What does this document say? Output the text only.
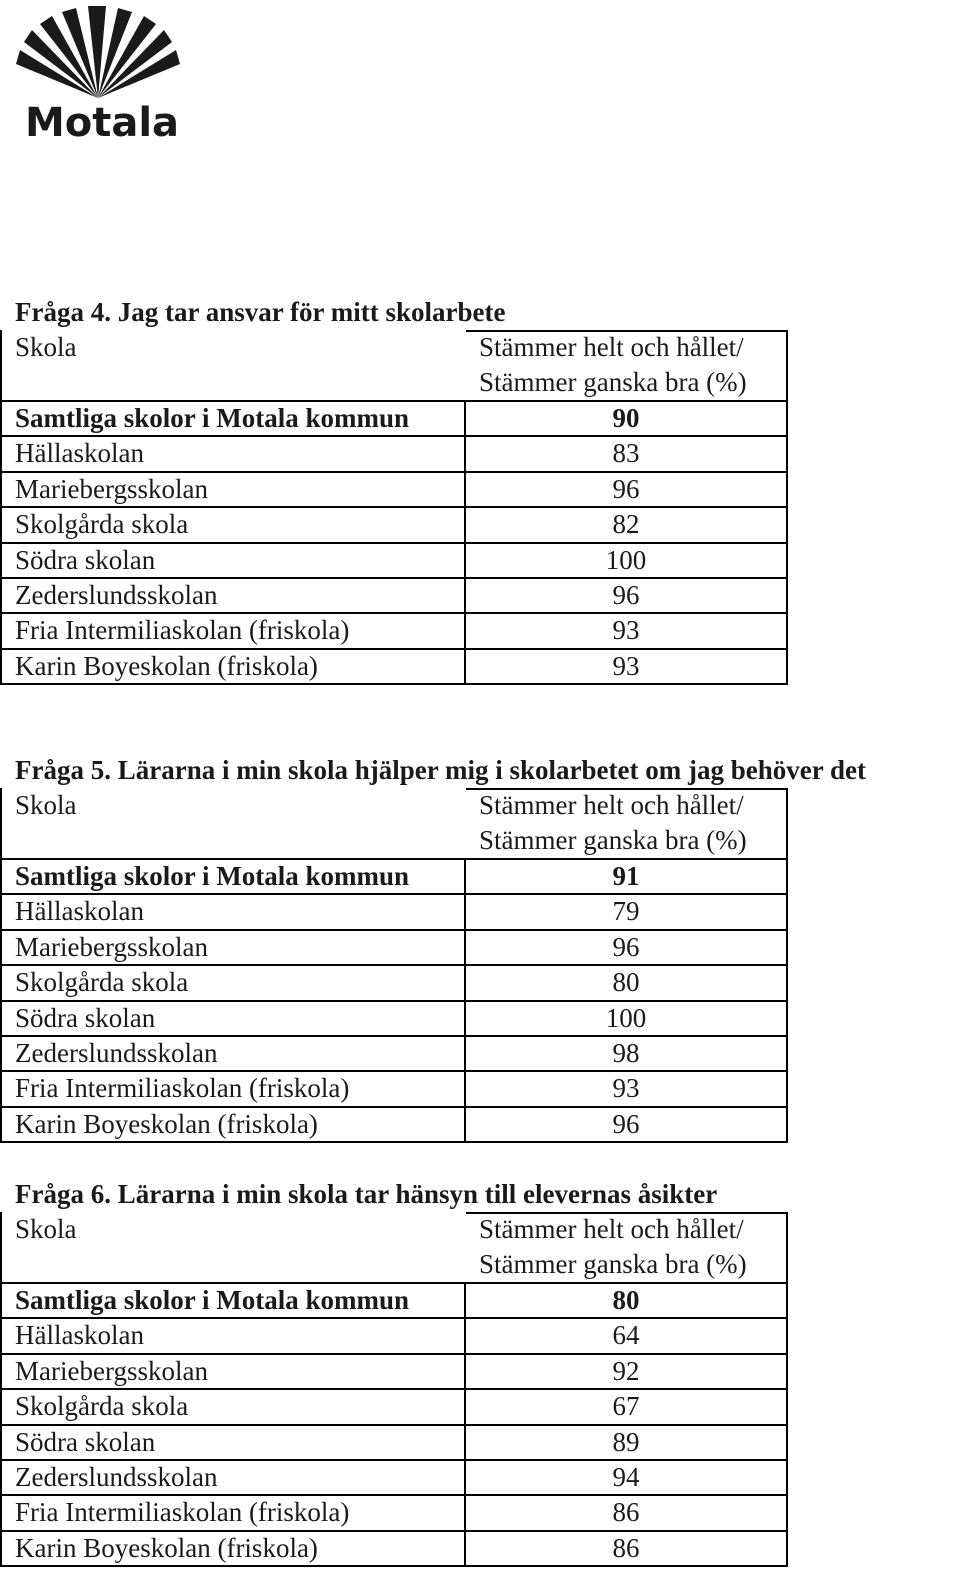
Motala
Fråga 4. Jag tar ansvar för mitt skolarbete
Skola	Stämmer helt och hållet/
Stämmer ganska bra (%)
Samtliga skolor i Motala kommun	90
Hällaskolan	83
Mariebergsskolan	96
Skolgårda skola	82
Södra skolan	100
Zederslundsskolan	96
Fria Intermiliaskolan (friskola)	93
Karin Boyeskolan (friskola)	93
Fråga 5. Lärarna i min skola hjälper mig i skolarbetet om jag behöver det
Skola	Stämmer helt och hållet/
Stämmer ganska bra (%)
Samtliga skolor i Motala kommun	91
Hällaskolan	79
Mariebergsskolan	96
Skolgårda skola	80
Södra skolan	100
Zederslundsskolan	98
Fria Intermiliaskolan (friskola)	93
Karin Boyeskolan (friskola)	96
Fråga 6. Lärarna i min skola tar hänsyn till elevernas åsikter
Skola	Stämmer helt och hållet/
Stämmer ganska bra (%)
Samtliga skolor i Motala kommun	80
Hällaskolan	64
Mariebergsskolan	92
Skolgårda skola	67
Södra skolan	89
Zederslundsskolan	94
Fria Intermiliaskolan (friskola)	86
Karin Boyeskolan (friskola)	86
